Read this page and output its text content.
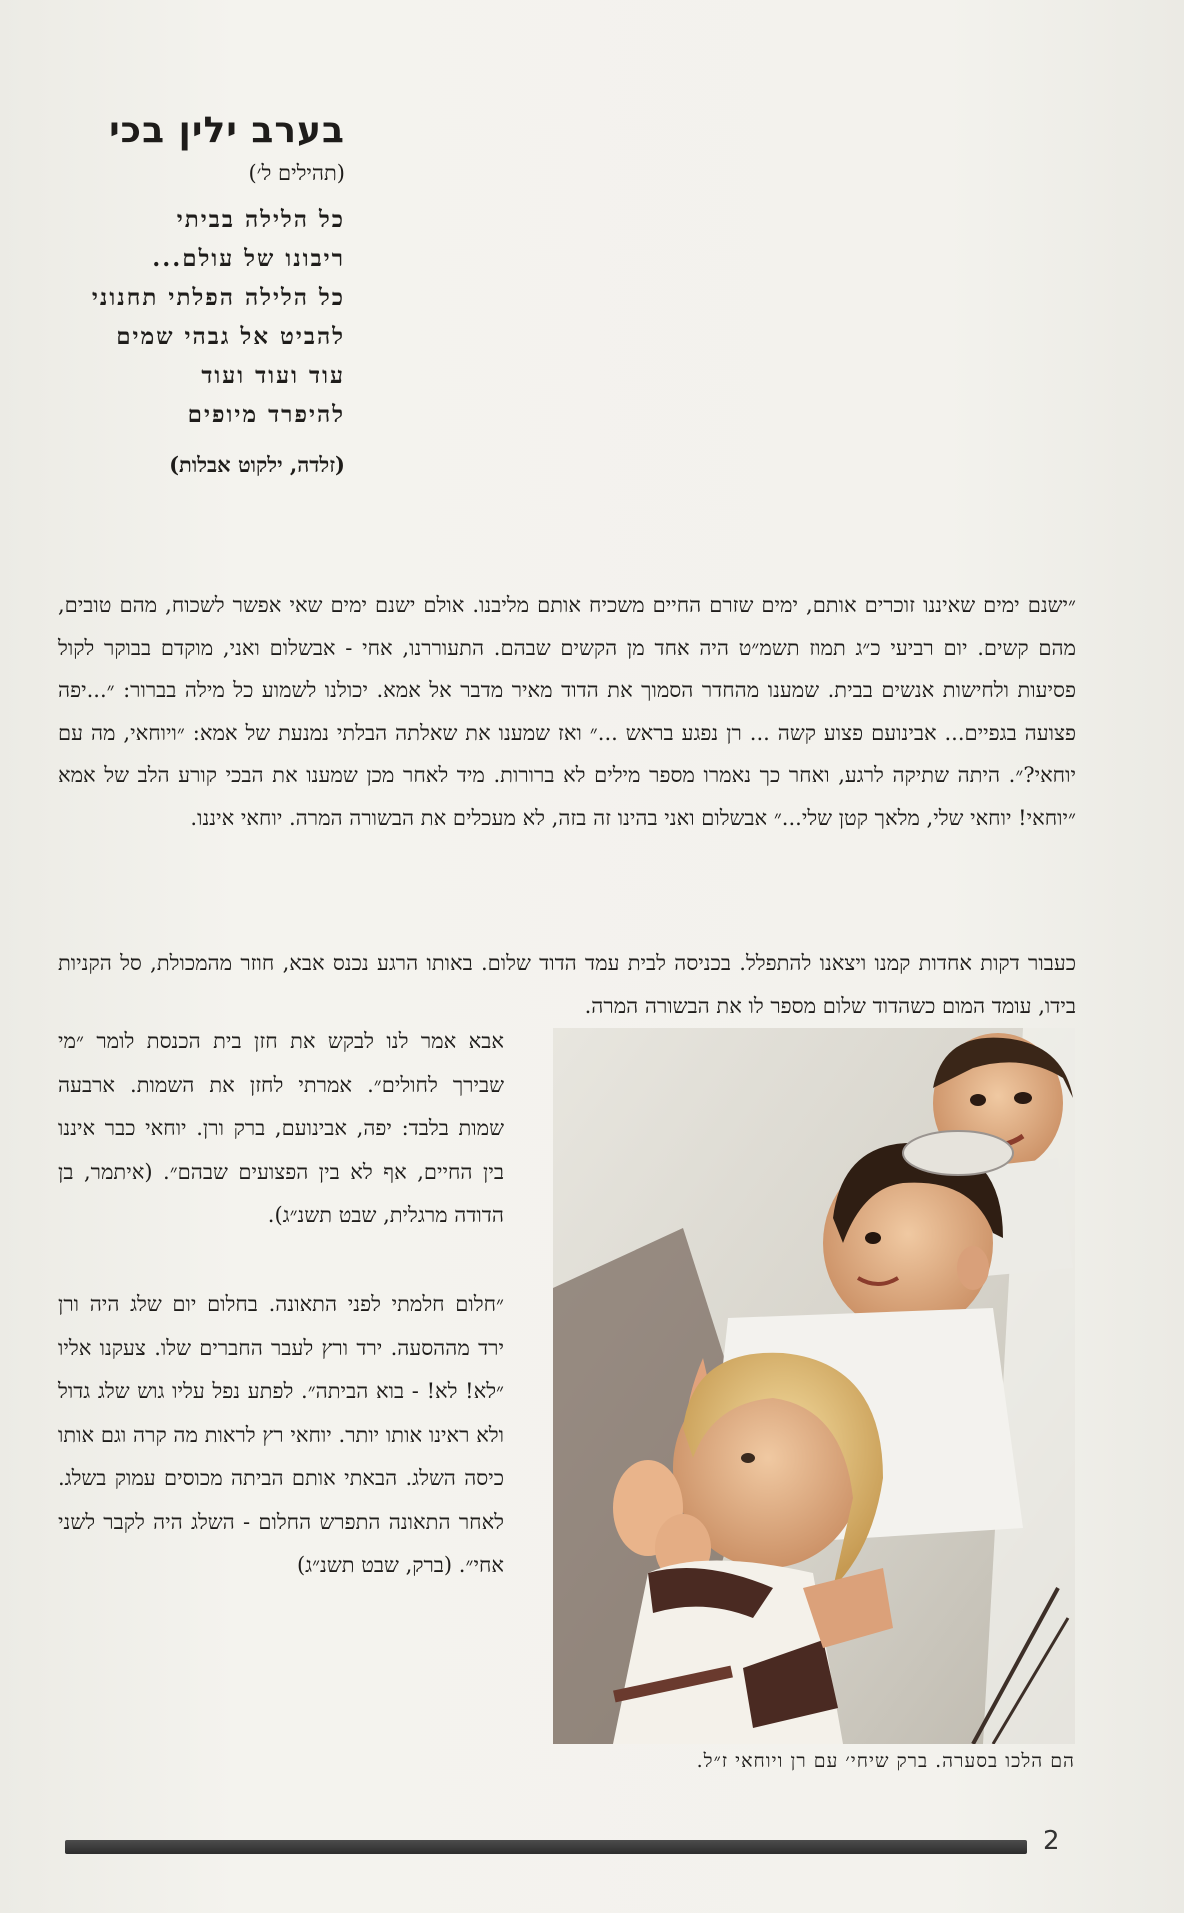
בערב ילין בכי
(תהילים ל׳)
כל הלילה בביתי
ריבונו של עולם...
כל הלילה הפלתי תחנוני
להביט אל גבהי שמים
עוד ועוד ועוד
להיפרד מיופים
(זלדה, ילקוט אבלות)

״ישנם ימים שאיננו זוכרים אותם, ימים שזרם החיים משכיח אותם מליבנו. אולם ישנם ימים שאי אפשר לשכוח, מהם טובים, מהם קשים. יום רביעי כ״ג תמוז תשמ״ט היה אחד מן הקשים שבהם. התעוררנו, אחי - אבשלום ואני, מוקדם בבוקר לקול פסיעות ולחישות אנשים בבית. שמענו מהחדר הסמוך את הדוד מאיר מדבר אל אמא. יכולנו לשמוע כל מילה בברור: ״...יפה פצועה בגפיים... אבינועם פצוע קשה ... רן נפגע בראש ...״ ואז שמענו את שאלתה הבלתי נמנעת של אמא: ״ויוחאי, מה עם יוחאי?״. היתה שתיקה לרגע, ואחר כך נאמרו מספר מילים לא ברורות. מיד לאחר מכן שמענו את הבכי קורע הלב של אמא ״יוחאי! יוחאי שלי, מלאך קטן שלי...״ אבשלום ואני בהינו זה בזה, לא מעכלים את הבשורה המרה. יוחאי איננו.

כעבור דקות אחדות קמנו ויצאנו להתפלל. בכניסה לבית עמד הדוד שלום. באותו הרגע נכנס אבא, חוזר מהמכולת, סל הקניות בידו, עומד המום כשהדוד שלום מספר לו את הבשורה המרה.

אבא אמר לנו לבקש את חזן בית הכנסת לומר ״מי שבירך לחולים״. אמרתי לחזן את השמות. ארבעה שמות בלבד: יפה, אבינועם, ברק ורן. יוחאי כבר איננו בין החיים, אף לא בין הפצועים שבהם״. (איתמר, בן הדודה מרגלית, שבט תשנ״ג).

״חלום חלמתי לפני התאונה. בחלום יום שלג היה ורן ירד מההסעה. ירד ורץ לעבר החברים שלו. צעקנו אליו ״לא! לא! - בוא הביתה״. לפתע נפל עליו גוש שלג גדול ולא ראינו אותו יותר. יוחאי רץ לראות מה קרה וגם אותו כיסה השלג. הבאתי אותם הביתה מכוסים עמוק בשלג. לאחר התאונה התפרש החלום - השלג היה לקבר לשני אחי״. (ברק, שבט תשנ״ג)

הם הלכו בסערה. ברק שיחי׳ עם רן ויוחאי ז״ל.
2
